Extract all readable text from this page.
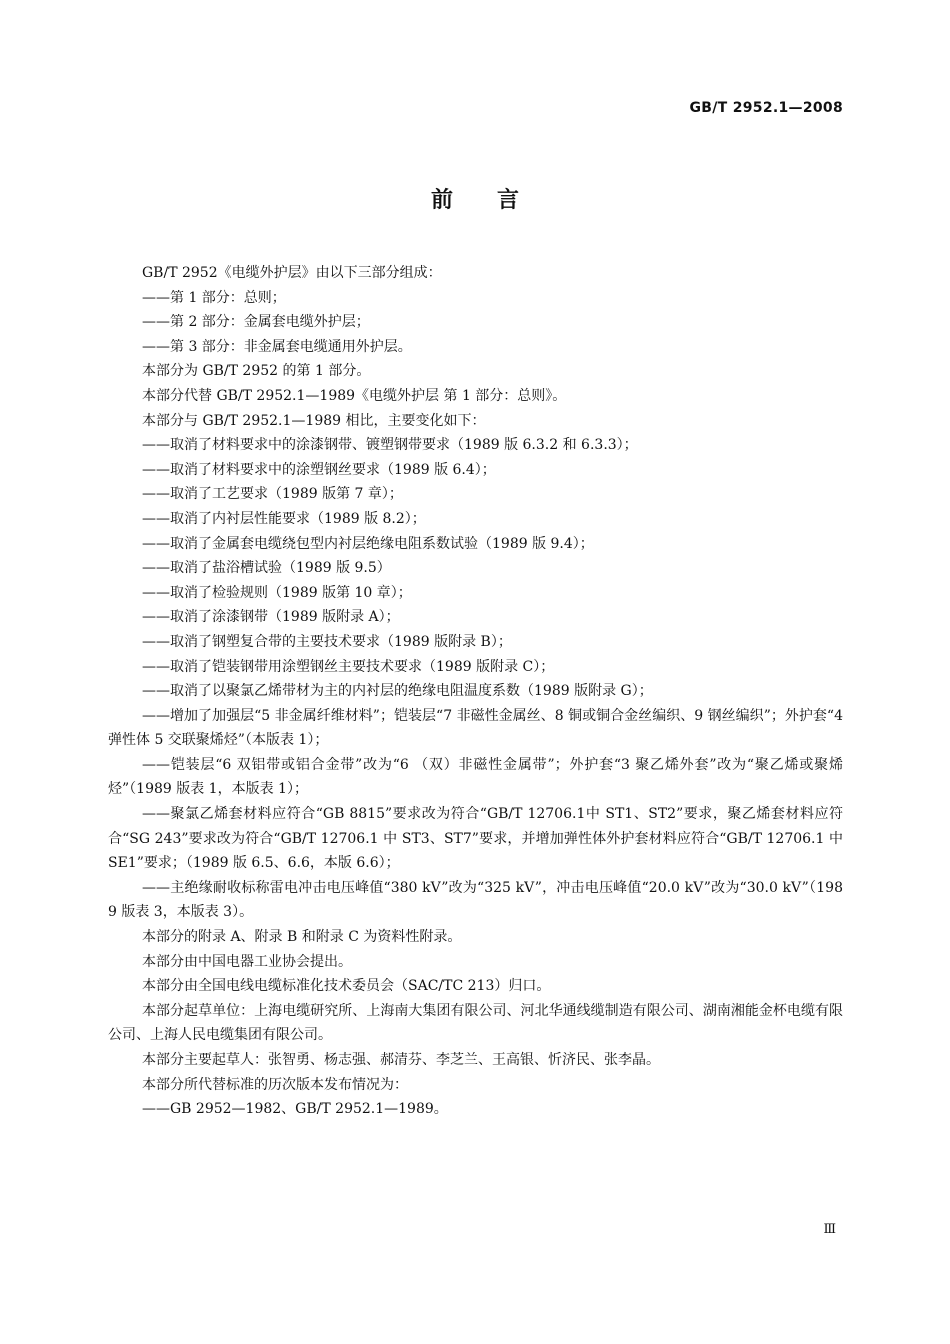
GB/T 2952.1—2008
前言

GB/T 2952《电缆外护层》由以下三部分组成：

——第 1 部分：总则；

——第 2 部分：金属套电缆外护层；

——第 3 部分：非金属套电缆通用外护层。

本部分为 GB/T 2952 的第 1 部分。

本部分代替 GB/T 2952.1—1989《电缆外护层 第 1 部分：总则》。

本部分与 GB/T 2952.1—1989 相比，主要变化如下：

——取消了材料要求中的涂漆钢带、镀塑钢带要求（1989 版 6.3.2 和 6.3.3）；

——取消了材料要求中的涂塑钢丝要求（1989 版 6.4）；

——取消了工艺要求（1989 版第 7 章）；

——取消了内衬层性能要求（1989 版 8.2）；

——取消了金属套电缆绕包型内衬层绝缘电阻系数试验（1989 版 9.4）；

——取消了盐浴槽试验（1989 版 9.5）

——取消了检验规则（1989 版第 10 章）；

——取消了涂漆钢带（1989 版附录 A）；

——取消了钢塑复合带的主要技术要求（1989 版附录 B）；

——取消了铠装钢带用涂塑钢丝主要技术要求（1989 版附录 C）；

——取消了以聚氯乙烯带材为主的内衬层的绝缘电阻温度系数（1989 版附录 G）；

——增加了加强层“5 非金属纤维材料”；铠装层“7 非磁性金属丝、8 铜或铜合金丝编织、9 钢丝编织”；外护套“4 弹性体 5 交联聚烯烃”（本版表 1）；

——铠装层“6 双铝带或铝合金带”改为“6 （双）非磁性金属带”；外护套“3 聚乙烯外套”改为“聚乙烯或聚烯烃”（1989 版表 1，本版表 1）；

——聚氯乙烯套材料应符合“GB 8815”要求改为符合“GB/T 12706.1中 ST1、ST2”要求，聚乙烯套材料应符合“SG 243”要求改为符合“GB/T 12706.1 中 ST3、ST7”要求，并增加弹性体外护套材料应符合“GB/T 12706.1 中 SE1”要求；（1989 版 6.5、6.6，本版 6.6）；

——主绝缘耐收标称雷电冲击电压峰值“380 kV”改为“325 kV”，冲击电压峰值“20.0 kV”改为“30.0 kV”（1989 版表 3，本版表 3）。

本部分的附录 A、附录 B 和附录 C 为资料性附录。

本部分由中国电器工业协会提出。

本部分由全国电线电缆标准化技术委员会（SAC/TC 213）归口。

本部分起草单位：上海电缆研究所、上海南大集团有限公司、河北华通线缆制造有限公司、湖南湘能金杯电缆有限公司、上海人民电缆集团有限公司。

本部分主要起草人：张智勇、杨志强、郝清芬、李芝兰、王高银、忻济民、张李晶。

本部分所代替标准的历次版本发布情况为：

——GB 2952—1982、GB/T 2952.1—1989。

Ⅲ
